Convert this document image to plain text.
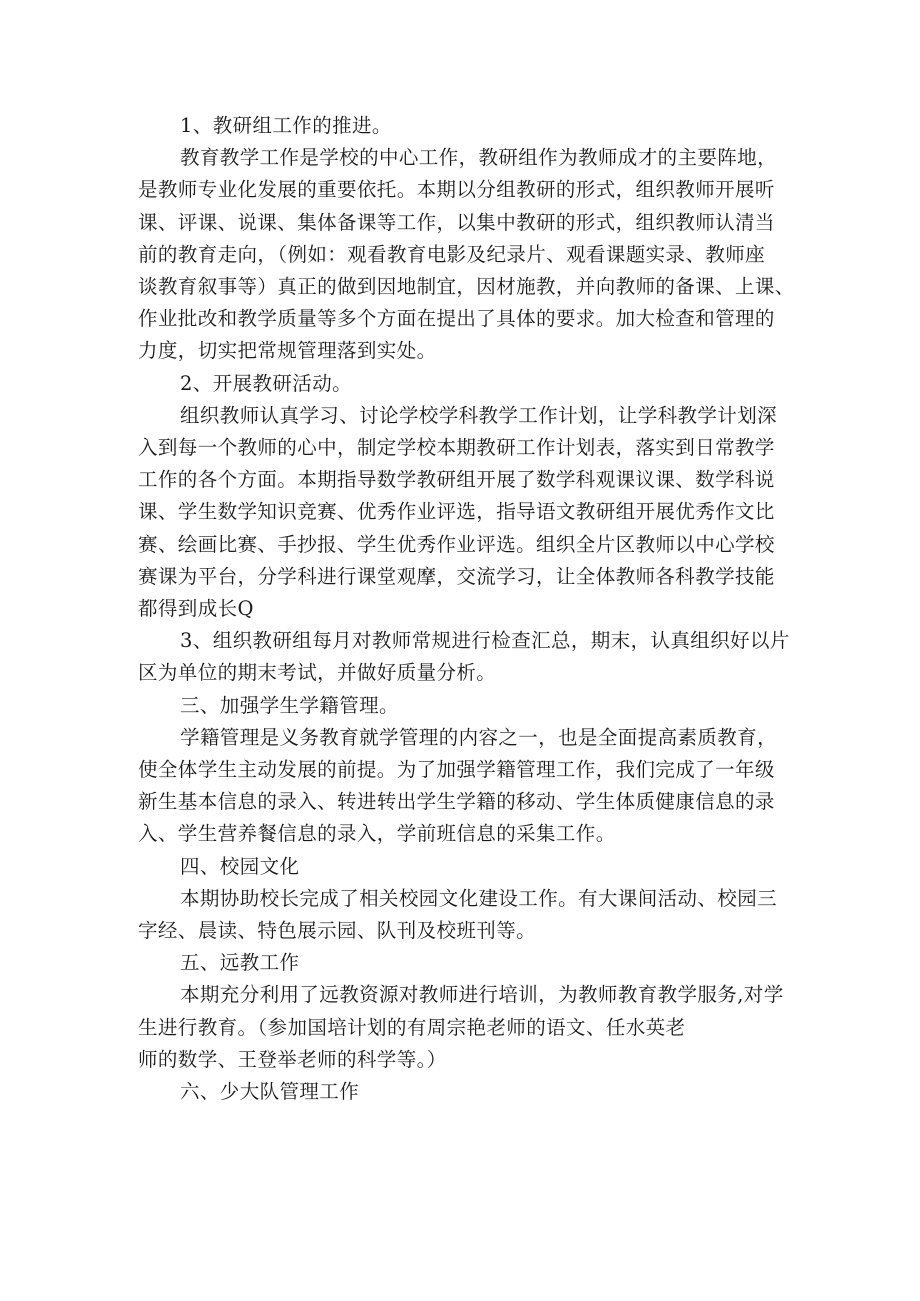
1、教研组工作的推进。

教育教学工作是学校的中心工作，教研组作为教师成才的主要阵地，

是教师专业化发展的重要依托。本期以分组教研的形式，组织教师开展听

课、评课、说课、集体备课等工作，以集中教研的形式，组织教师认清当

前的教育走向，（例如：观看教育电影及纪录片、观看课题实录、教师座

谈教育叙事等）真正的做到因地制宜，因材施教，并向教师的备课、上课、

作业批改和教学质量等多个方面在提出了具体的要求。加大检查和管理的

力度，切实把常规管理落到实处。

2、开展教研活动。

组织教师认真学习、讨论学校学科教学工作计划，让学科教学计划深

入到每一个教师的心中，制定学校本期教研工作计划表，落实到日常教学

工作的各个方面。本期指导数学教研组开展了数学科观课议课、数学科说

课、学生数学知识竞赛、优秀作业评选，指导语文教研组开展优秀作文比

赛、绘画比赛、手抄报、学生优秀作业评选。组织全片区教师以中心学校

赛课为平台，分学科进行课堂观摩，交流学习，让全体教师各科教学技能

都得到成长Q

3、组织教研组每月对教师常规进行检查汇总，期末，认真组织好以片

区为单位的期末考试，并做好质量分析。

三、加强学生学籍管理。

学籍管理是义务教育就学管理的内容之一，也是全面提高素质教育，

使全体学生主动发展的前提。为了加强学籍管理工作，我们完成了一年级

新生基本信息的录入、转进转出学生学籍的移动、学生体质健康信息的录

入、学生营养餐信息的录入，学前班信息的采集工作。

四、校园文化

本期协助校长完成了相关校园文化建设工作。有大课间活动、校园三

字经、晨读、特色展示园、队刊及校班刊等。

五、远教工作

本期充分利用了远教资源对教师进行培训，为教师教育教学服务,对学

生进行教育。（参加国培计划的有周宗艳老师的语文、任水英老

师的数学、王登举老师的科学等。）

六、少大队管理工作
